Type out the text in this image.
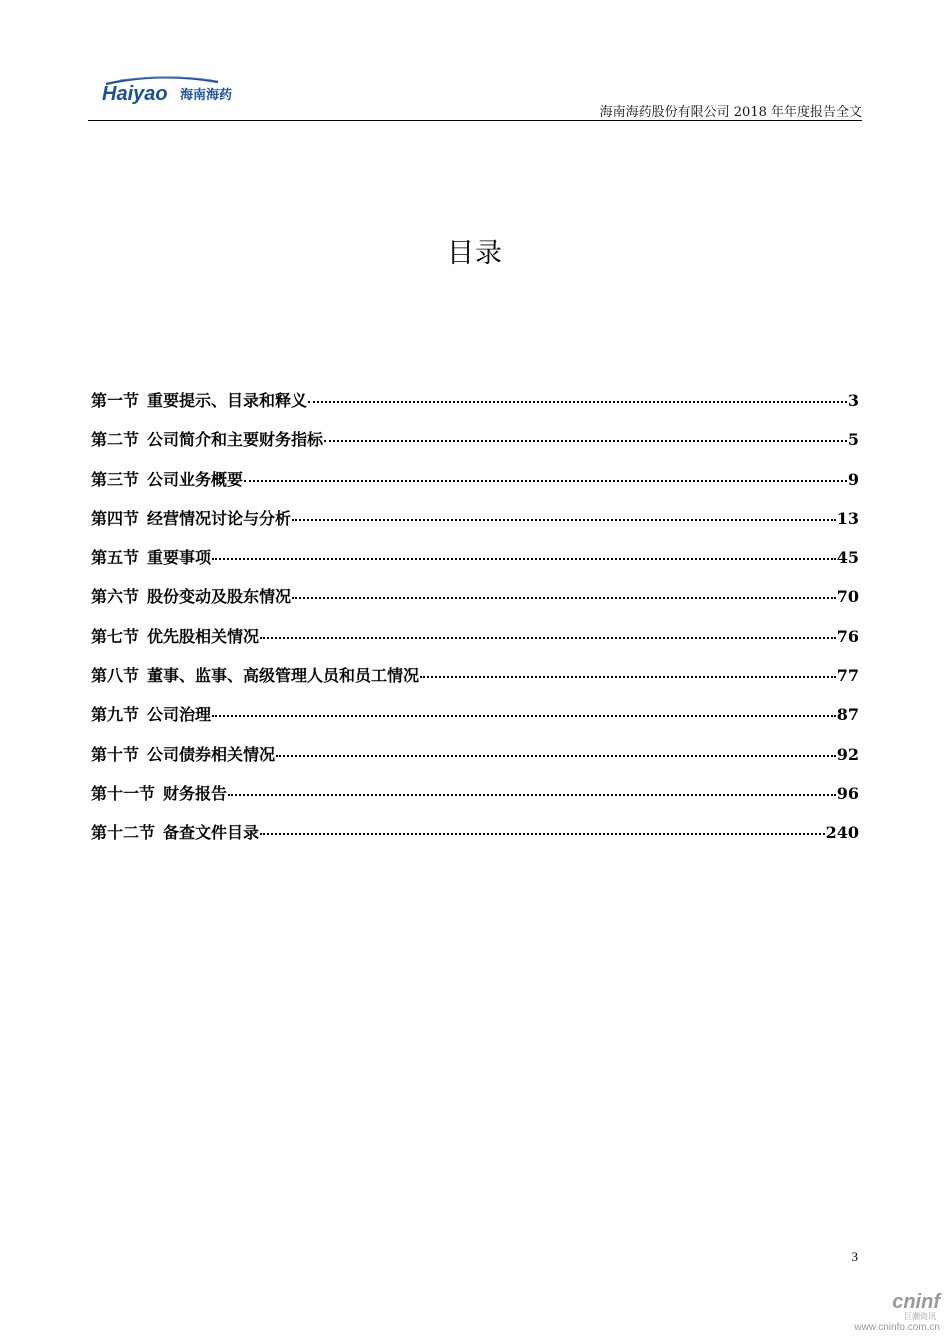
Haiyao 海南海药
海南海药股份有限公司 2018 年年度报告全文
目录
第一节 重要提示、目录和释义	3
第二节 公司简介和主要财务指标	5
第三节 公司业务概要	9
第四节 经营情况讨论与分析	13
第五节 重要事项	45
第六节 股份变动及股东情况	70
第七节 优先股相关情况	76
第八节 董事、监事、高级管理人员和员工情况	77
第九节 公司治理	87
第十节 公司债券相关情况	92
第十一节 财务报告	96
第十二节 备查文件目录	240
3
cninf
巨潮资讯
www.cninfo.com.cn
